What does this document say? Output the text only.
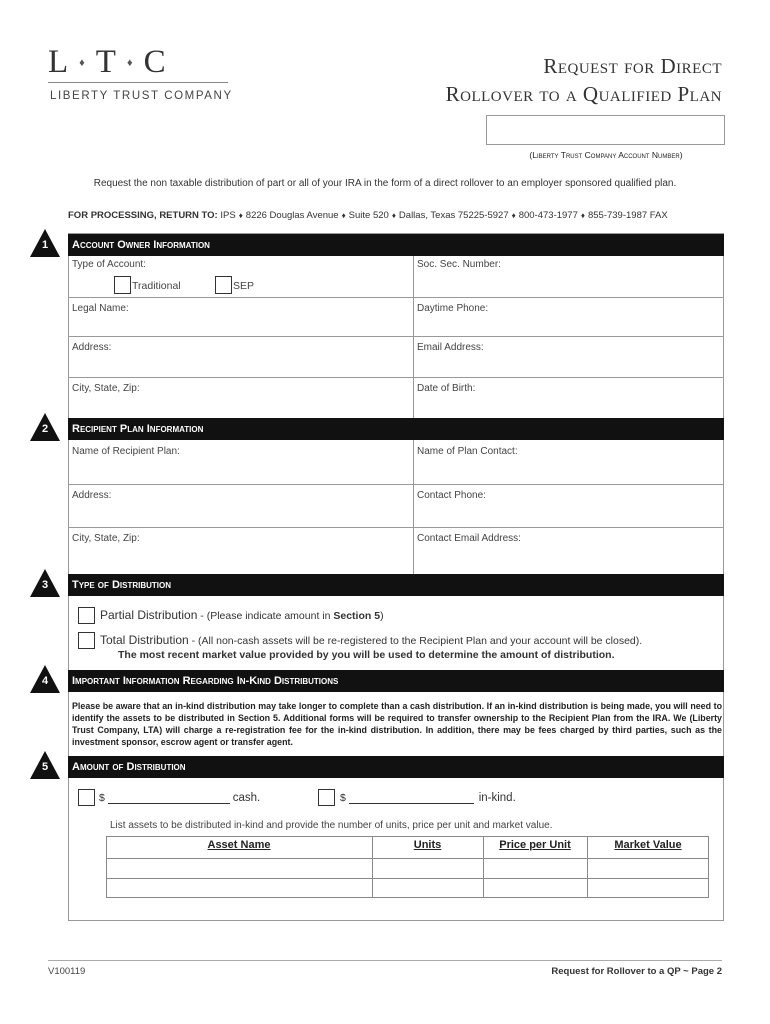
L ♦ T ♦ C
LIBERTY TRUST COMPANY
Request for Direct
Rollover to a Qualified Plan
(Liberty Trust Company Account Number)
Request the non taxable distribution of part or all of your IRA in the form of a direct rollover to an employer sponsored qualified plan.
FOR PROCESSING, RETURN TO: IPS ♦ 8226 Douglas Avenue ♦ Suite 520 ♦ Dallas, Texas 75225-5927 ♦ 800-473-1977 ♦ 855-739-1987 FAX
1
2
3
4
5
Account Owner Information
Recipient Plan Information
Type of Distribution
Important Information Regarding In-Kind Distributions
Amount of Distribution
Type of Account:
Traditional	SEP
Soc. Sec. Number:
Legal Name:	Daytime Phone:
Address:	Email Address:
City, State, Zip:	Date of Birth:
Name of Recipient Plan:	Name of Plan Contact:
Address:	Contact Phone:
City, State, Zip:	Contact Email Address:
Partial Distribution - (Please indicate amount in Section 5)
Total Distribution - (All non-cash assets will be re-registered to the Recipient Plan and your account will be closed).
The most recent market value provided by you will be used to determine the amount of distribution.
Please be aware that an in-kind distribution may take longer to complete than a cash distribution. If an in-kind distribution is being made, you will need to identify the assets to be distributed in Section 5. Additional forms will be required to transfer ownership to the Recipient Plan from the IRA. We (Liberty Trust Company, LTA) will charge a re-registration fee for the in-kind distribution. In addition, there may be fees charged by third parties, such as the investment sponsor, escrow agent or transfer agent.
$	cash.	$	in-kind.
List assets to be distributed in-kind and provide the number of units, price per unit and market value.
Asset Name	Units	Price per Unit	Market Value
V100119	Request for Rollover to a QP ~ Page 2
